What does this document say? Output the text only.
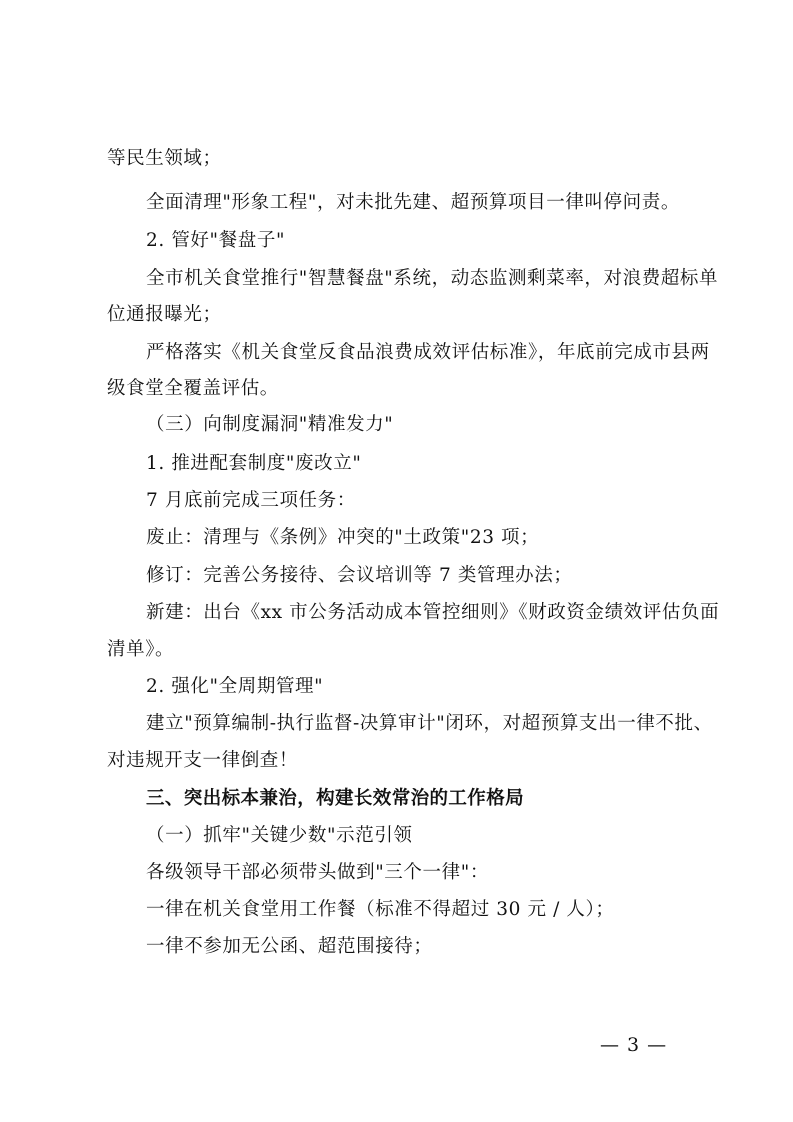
等民生领域；
全面清理"形象工程"，对未批先建、超预算项目一律叫停问责。
2. 管好"餐盘子"
全市机关食堂推行"智慧餐盘"系统，动态监测剩菜率，对浪费超标单
位通报曝光；
严格落实《机关食堂反食品浪费成效评估标准》，年底前完成市县两
级食堂全覆盖评估。
（三）向制度漏洞"精准发力"
1. 推进配套制度"废改立"
7 月底前完成三项任务：
废止：清理与《条例》冲突的"土政策"23 项；
修订：完善公务接待、会议培训等 7 类管理办法；
新建：出台《xx 市公务活动成本管控细则》《财政资金绩效评估负面
清单》。
2. 强化"全周期管理"
建立"预算编制-执行监督-决算审计"闭环，对超预算支出一律不批、
对违规开支一律倒查！
三、突出标本兼治，构建长效常治的工作格局
（一）抓牢"关键少数"示范引领
各级领导干部必须带头做到"三个一律"：
一律在机关食堂用工作餐（标准不得超过 30 元 / 人）；
一律不参加无公函、超范围接待；
— 3 —
